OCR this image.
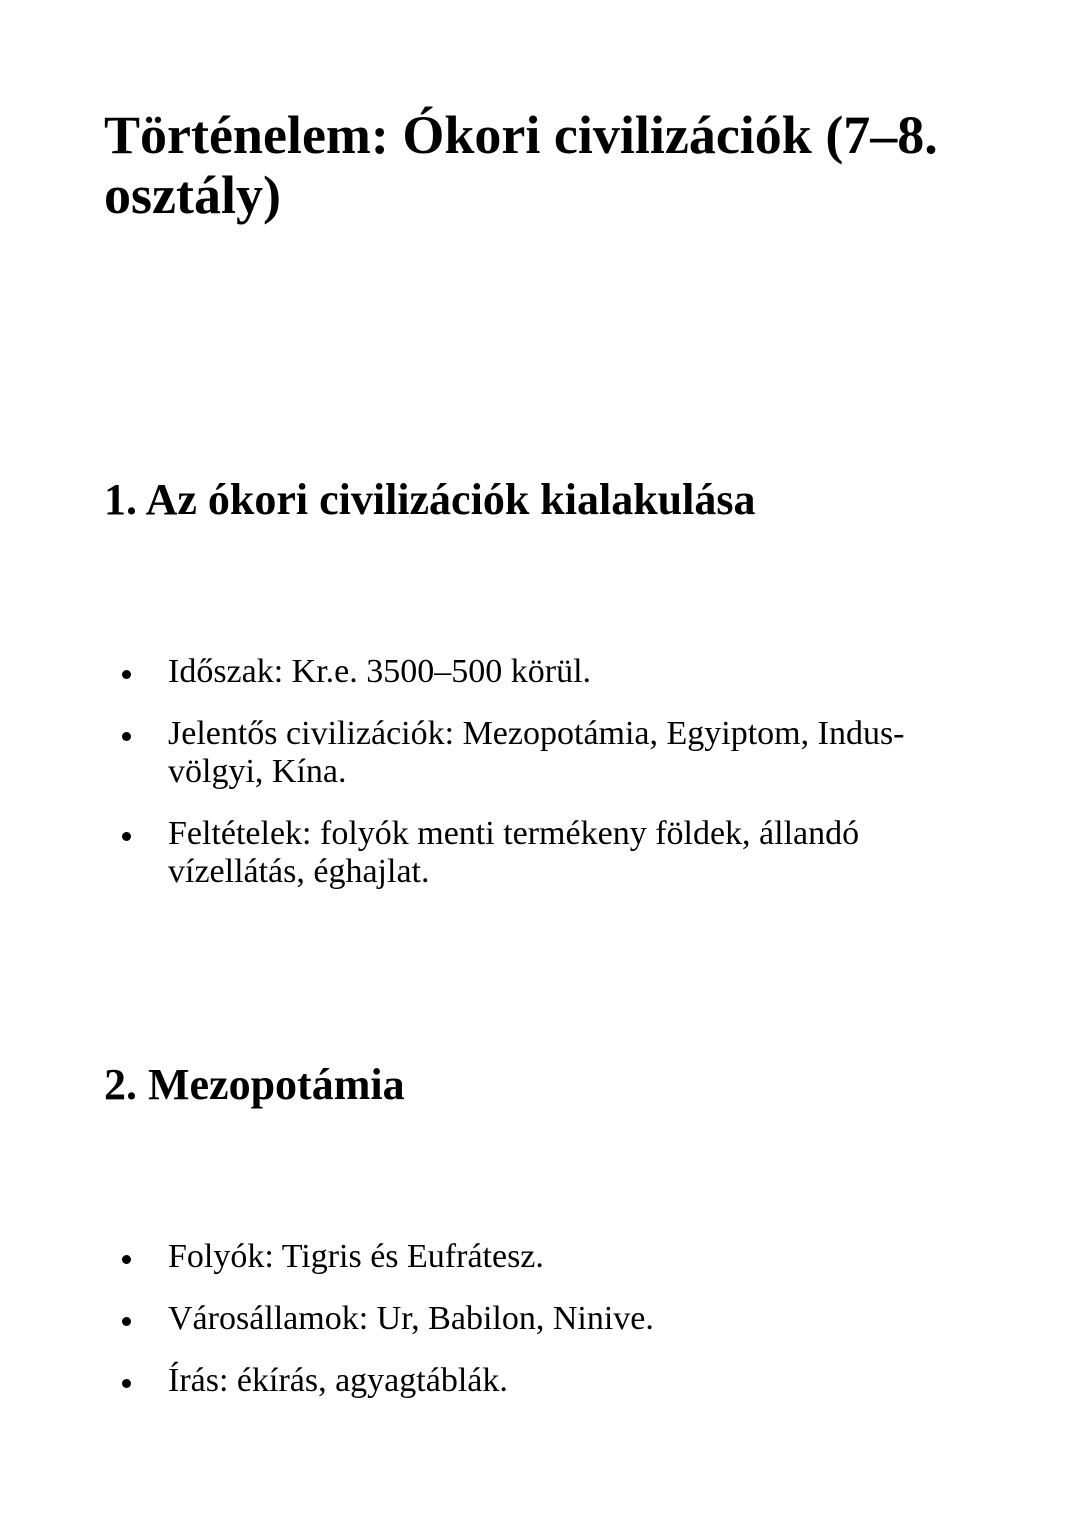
Történelem: Ókori civilizációk (7–8. osztály)
1. Az ókori civilizációk kialakulása
Időszak: Kr.e. 3500–500 körül.
Jelentős civilizációk: Mezopotámia, Egyiptom, Indus-völgyi, Kína.
Feltételek: folyók menti termékeny földek, állandó vízellátás, éghajlat.
2. Mezopotámia
Folyók: Tigris és Eufrátesz.
Városállamok: Ur, Babilon, Ninive.
Írás: ékírás, agyagtáblák.
